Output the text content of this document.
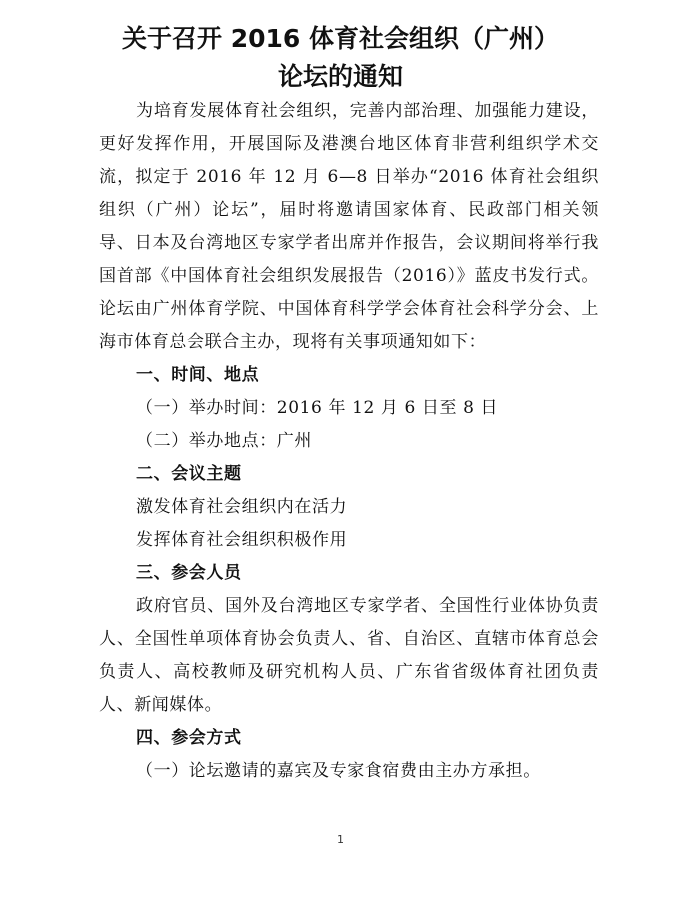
关于召开 2016 体育社会组织（广州）
论坛的通知

为培育发展体育社会组织，完善内部治理、加强能力建设，更好发挥作用，开展国际及港澳台地区体育非营利组织学术交流，拟定于 2016 年 12 月 6—8 日举办“2016 体育社会组织组织（广州）论坛”，届时将邀请国家体育、民政部门相关领导、日本及台湾地区专家学者出席并作报告，会议期间将举行我国首部《中国体育社会组织发展报告（2016）》蓝皮书发行式。论坛由广州体育学院、中国体育科学学会体育社会科学分会、上海市体育总会联合主办，现将有关事项通知如下：

一、时间、地点

（一）举办时间：2016 年 12 月 6 日至 8 日

（二）举办地点：广州

二、会议主题

激发体育社会组织内在活力

发挥体育社会组织积极作用

三、参会人员

政府官员、国外及台湾地区专家学者、全国性行业体协负责人、全国性单项体育协会负责人、省、自治区、直辖市体育总会负责人、高校教师及研究机构人员、广东省省级体育社团负责人、新闻媒体。

四、参会方式

（一）论坛邀请的嘉宾及专家食宿费由主办方承担。

1
